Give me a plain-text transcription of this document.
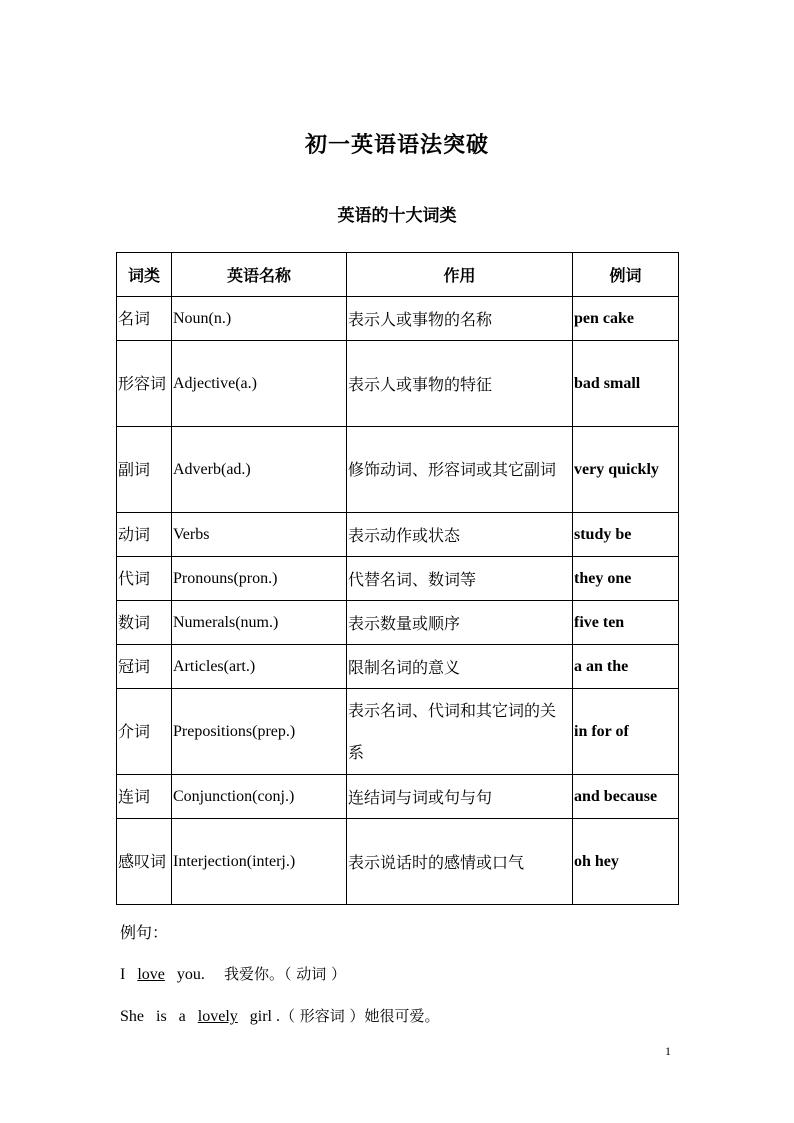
初一英语语法突破
英语的十大词类
词类	英语名称	作用	例词
名词	Noun(n.)	表示人或事物的名称	pen cake
形容词	Adjective(a.)	表示人或事物的特征	bad small
副词	Adverb(ad.)	修饰动词、形容词或其它副词	very quickly
动词	Verbs	表示动作或状态	study be
代词	Pronouns(pron.)	代替名词、数词等	they one
数词	Numerals(num.)	表示数量或顺序	five ten
冠词	Articles(art.)	限制名词的意义	a an the
介词	Prepositions(prep.)	表示名词、代词和其它词的关系	in for of
连词	Conjunction(conj.)	连结词与词或句与句	and because
感叹词	Interjection(interj.)	表示说话时的感情或口气	oh hey
例句：
I   love   you.    我爱你。（ 动词 ）
She   is   a   lovely   girl .（ 形容词 ）她很可爱。
1
